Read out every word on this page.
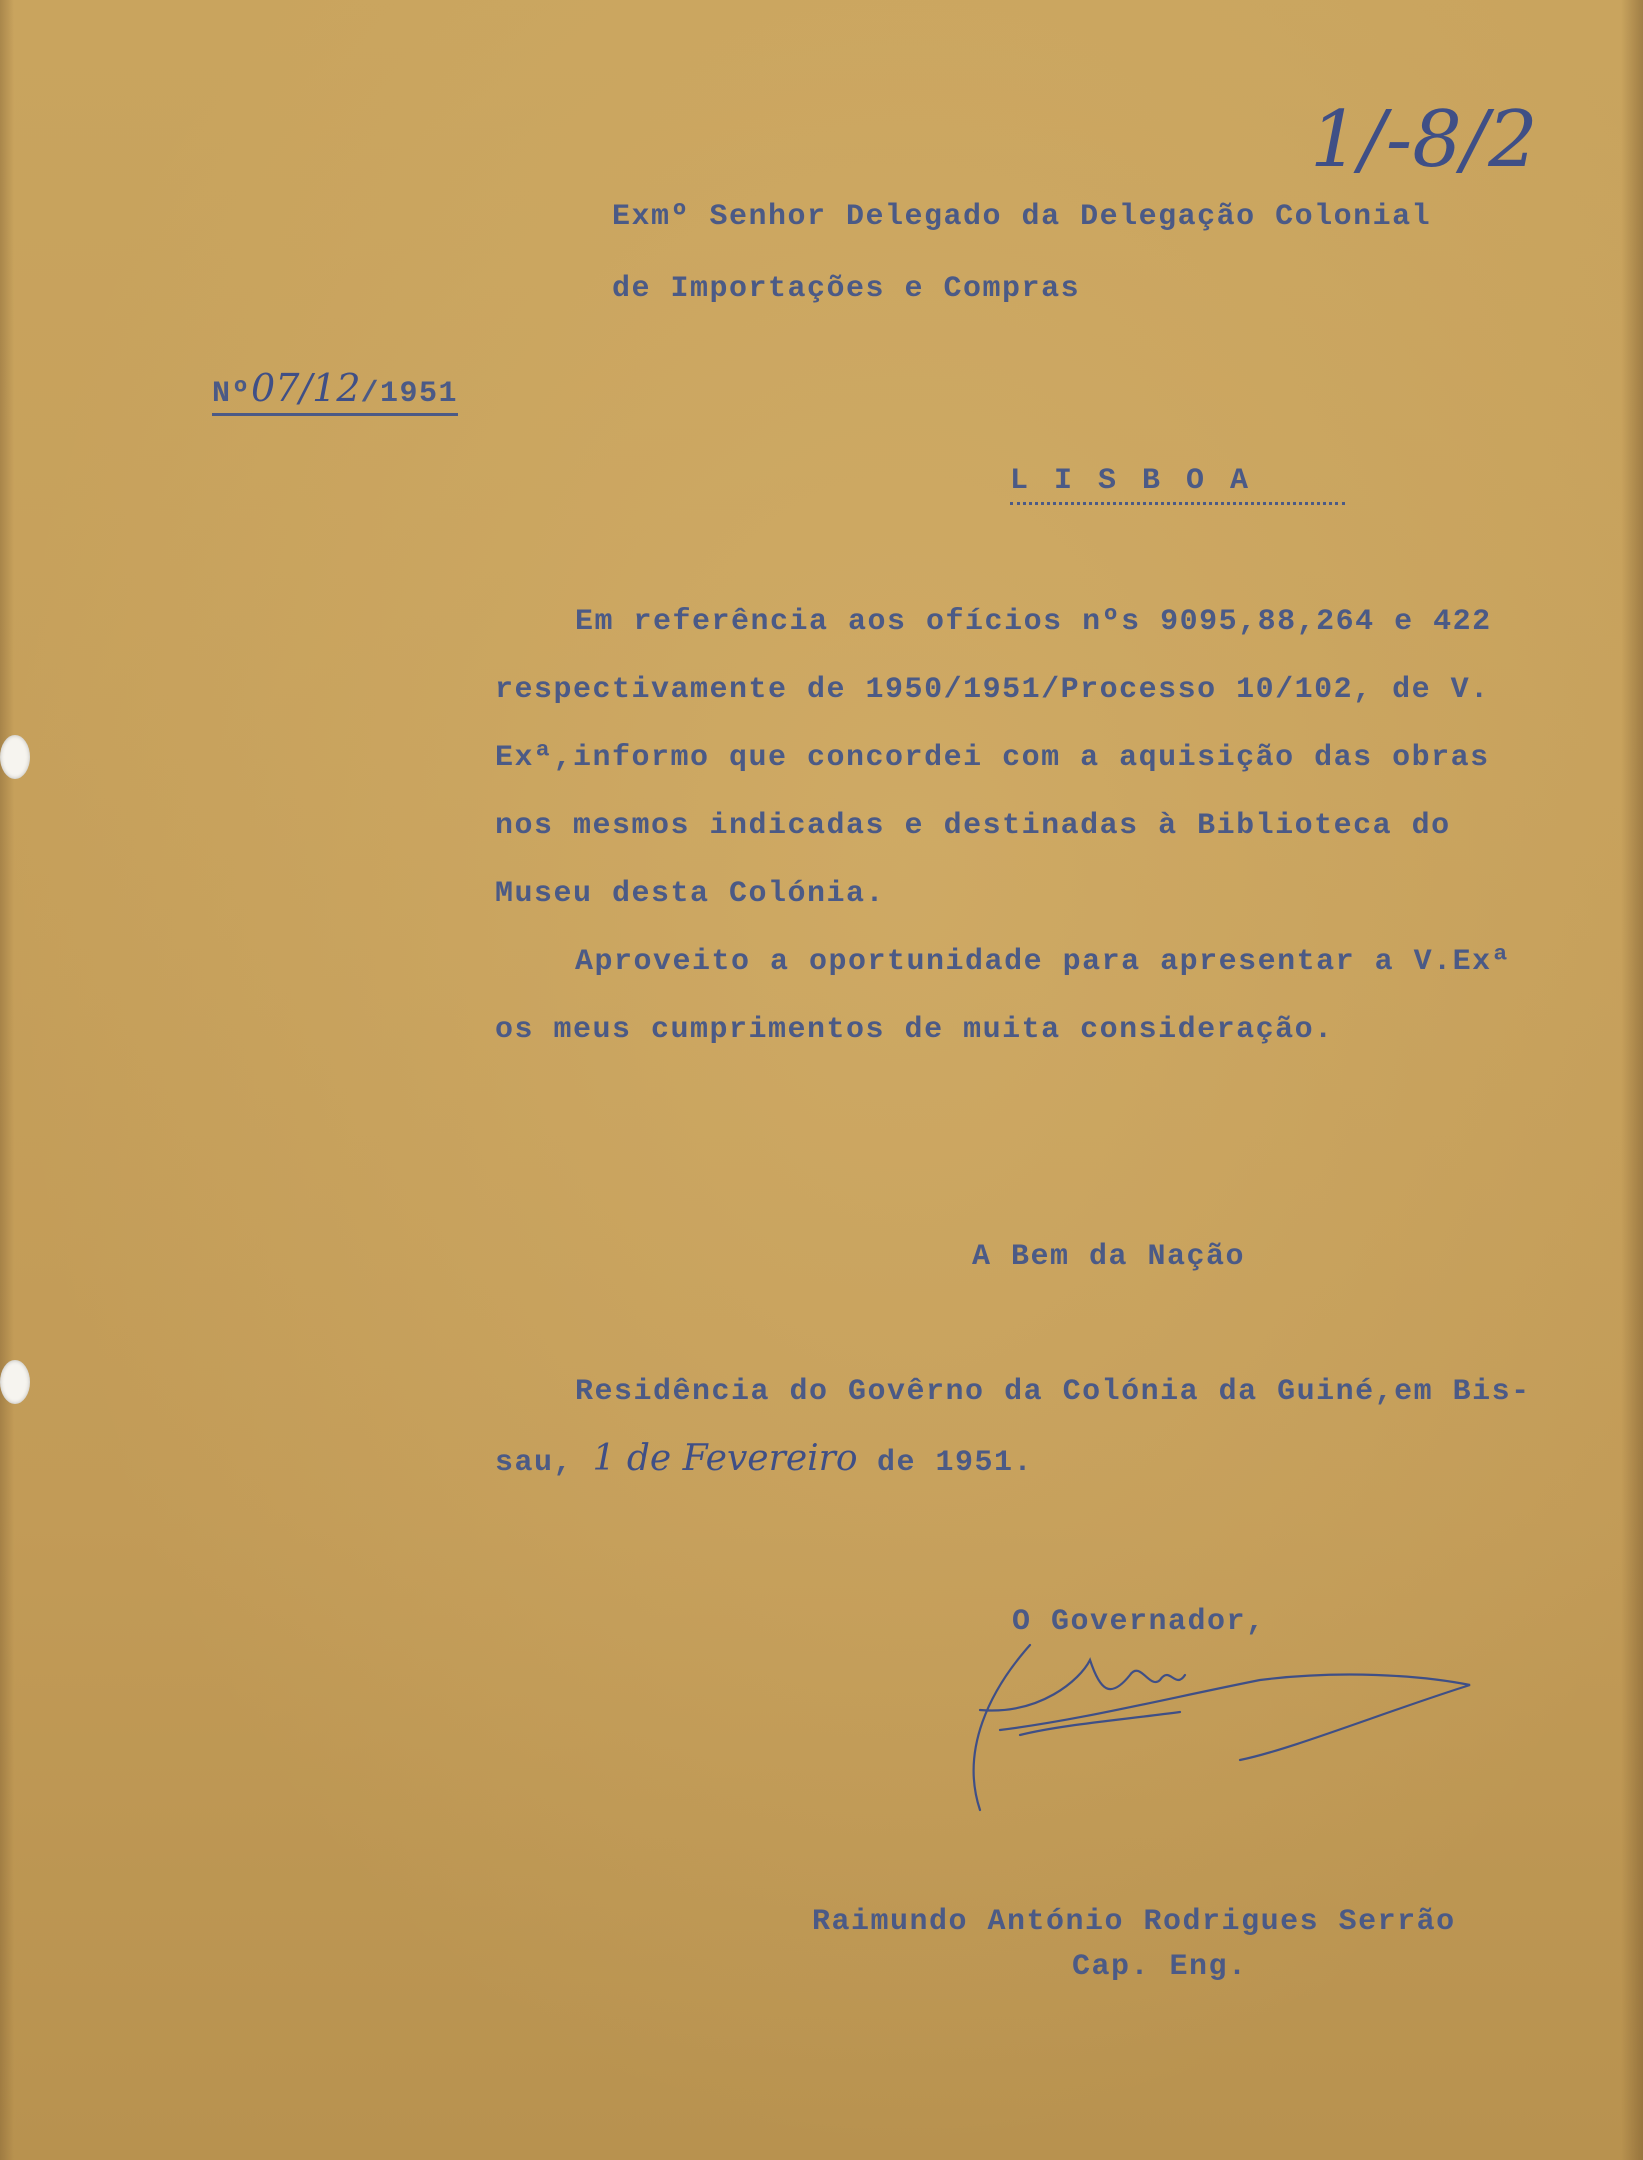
1/-8/2

Exmº Senhor Delegado da Delegação Colonial

de Importações e Compras

Nº07/12/1951

L I S B O A

Em referência aos ofícios nºs 9095,88,264 e 422

respectivamente de 1950/1951/Processo 10/102, de V.

Exª,informo que concordei com a aquisição das obras

nos mesmos indicadas e destinadas à Biblioteca do

Museu desta Colónia.

Aproveito a oportunidade para apresentar a V.Exª

os meus cumprimentos de muita consideração.

A Bem da Nação

Residência do Govêrno da Colónia da Guiné,em Bis-

sau, 1 de Fevereiro de 1951.

O Governador,

Raimundo António Rodrigues Serrão

Cap. Eng.
